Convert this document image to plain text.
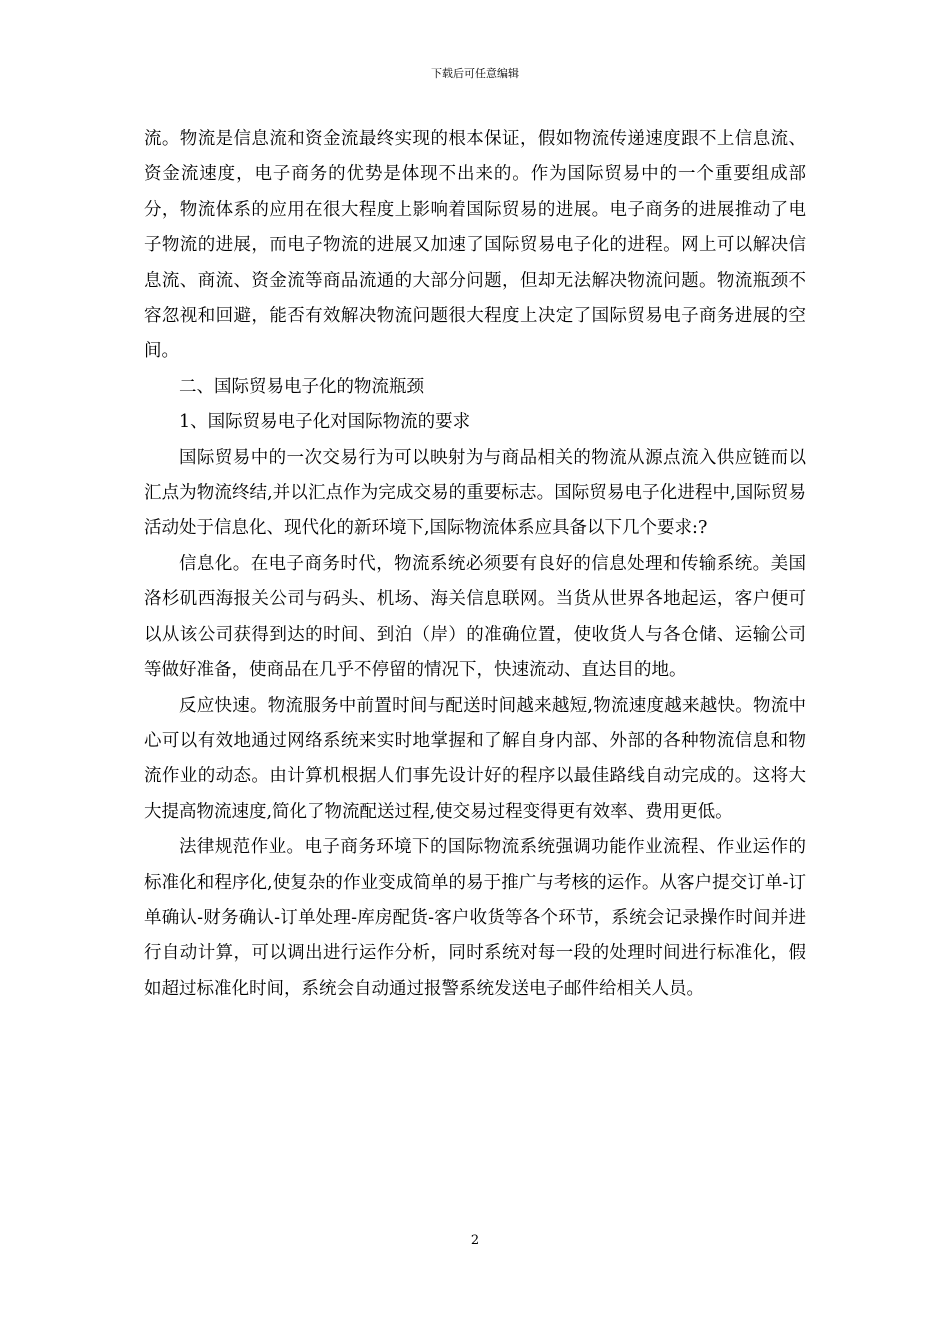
下载后可任意编辑

流。物流是信息流和资金流最终实现的根本保证，假如物流传递速度跟不上信息流、资金流速度，电子商务的优势是体现不出来的。作为国际贸易中的一个重要组成部分，物流体系的应用在很大程度上影响着国际贸易的进展。电子商务的进展推动了电子物流的进展，而电子物流的进展又加速了国际贸易电子化的进程。网上可以解决信息流、商流、资金流等商品流通的大部分问题，但却无法解决物流问题。物流瓶颈不容忽视和回避，能否有效解决物流问题很大程度上决定了国际贸易电子商务进展的空间。

二、国际贸易电子化的物流瓶颈

1、国际贸易电子化对国际物流的要求

国际贸易中的一次交易行为可以映射为与商品相关的物流从源点流入供应链而以汇点为物流终结,并以汇点作为完成交易的重要标志。国际贸易电子化进程中,国际贸易活动处于信息化、现代化的新环境下,国际物流体系应具备以下几个要求:?

信息化。在电子商务时代，物流系统必须要有良好的信息处理和传输系统。美国洛杉矶西海报关公司与码头、机场、海关信息联网。当货从世界各地起运，客户便可以从该公司获得到达的时间、到泊（岸）的准确位置，使收货人与各仓储、运输公司等做好准备，使商品在几乎不停留的情况下，快速流动、直达目的地。

反应快速。物流服务中前置时间与配送时间越来越短,物流速度越来越快。物流中心可以有效地通过网络系统来实时地掌握和了解自身内部、外部的各种物流信息和物流作业的动态。由计算机根据人们事先设计好的程序以最佳路线自动完成的。这将大大提高物流速度,简化了物流配送过程,使交易过程变得更有效率、费用更低。

法律规范作业。电子商务环境下的国际物流系统强调功能作业流程、作业运作的标准化和程序化,使复杂的作业变成简单的易于推广与考核的运作。从客户提交订单-订单确认-财务确认-订单处理-库房配货-客户收货等各个环节，系统会记录操作时间并进行自动计算，可以调出进行运作分析，同时系统对每一段的处理时间进行标准化，假如超过标准化时间，系统会自动通过报警系统发送电子邮件给相关人员。

2
